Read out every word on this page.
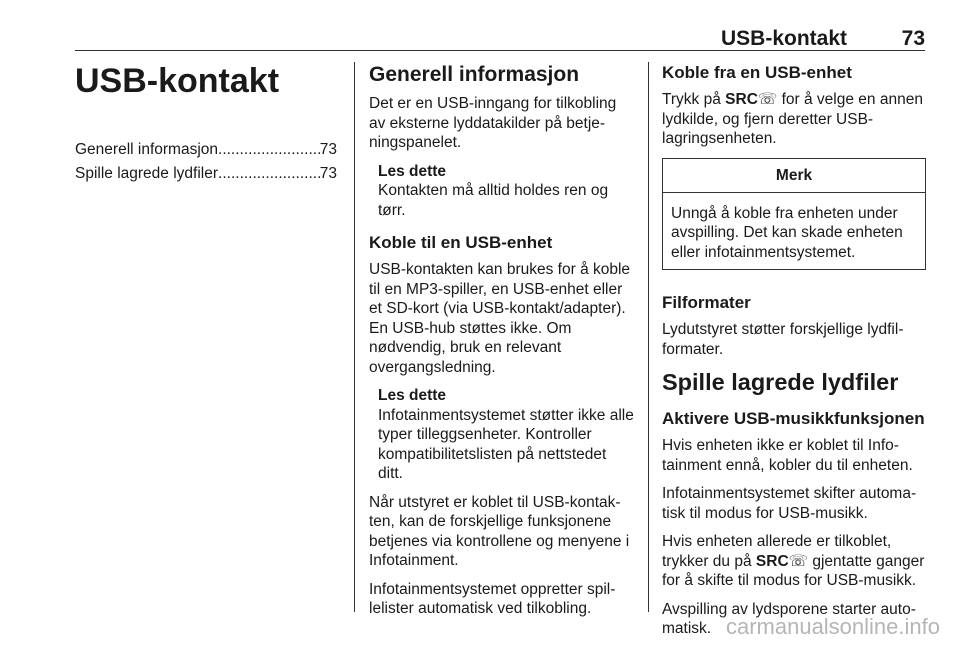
USB-kontakt	73
USB-kontakt
Generell informasjon .....	73
Spille lagrede lydfiler .....	73
Generell informasjon

Det er en USB-inngang for tilkobling av eksterne lyddatakilder på betjeningspanelet.

Les dette
Kontakten må alltid holdes ren og tørr.
Koble til en USB-enhet

USB-kontakten kan brukes for å koble til en MP3-spiller, en USB-enhet eller et SD-kort (via USB-kontakt/adapter). En USB-hub støttes ikke. Om nødvendig, bruk en relevant overgangsledning.

Les dette
Infotainmentsystemet støtter ikke alle typer tilleggsenheter. Kontroller kompatibilitetslisten på nettstedet ditt.

Når utstyret er koblet til USB-kontakten, kan de forskjellige funksjonene betjenes via kontrollene og menyene i Infotainment.

Infotainmentsystemet oppretter spillelister automatisk ved tilkobling.

Koble fra en USB-enhet

Trykk på SRC☏ for å velge en annen lydkilde, og fjern deretter USB-lagringsenheten.

Merk
Unngå å koble fra enheten under avspilling. Det kan skade enheten eller infotainmentsystemet.
Filformater

Lydutstyret støtter forskjellige lydfilformater.

Spille lagrede lydfiler
Aktivere USB-musikkfunksjonen

Hvis enheten ikke er koblet til Infotainment ennå, kobler du til enheten.

Infotainmentsystemet skifter automatisk til modus for USB-musikk.

Hvis enheten allerede er tilkoblet, trykker du på SRC☏ gjentatte ganger for å skifte til modus for USB-musikk.

Avspilling av lydsporene starter automatisk. carmanualsonline.info
